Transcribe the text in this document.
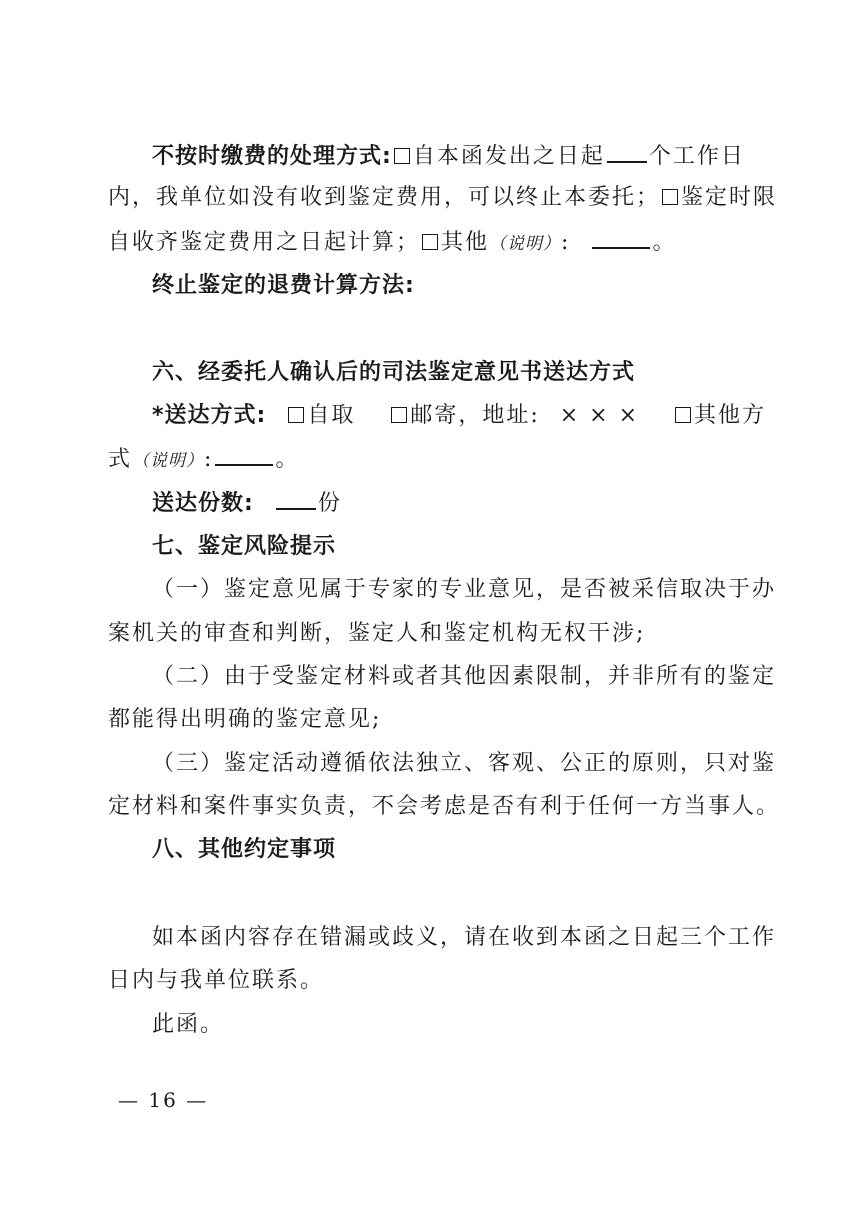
不按时缴费的处理方式: 自本函发出之日起 个工作日
内，我单位如没有收到鉴定费用，可以终止本委托； 鉴定时限
自收齐鉴定费用之日起计算； 其他（说明）:	。
终止鉴定的退费计算方法:
六、经委托人确认后的司法鉴定意见书送达方式
*送达方式: 自取	邮寄，地址: × × ×	其他方
式（说明）:	。
送达份数:	份
七、鉴定风险提示
（一）鉴定意见属于专家的专业意见，是否被采信取决于办
案机关的审查和判断，鉴定人和鉴定机构无权干涉;
（二）由于受鉴定材料或者其他因素限制，并非所有的鉴定
都能得出明确的鉴定意见;
（三）鉴定活动遵循依法独立、客观、公正的原则，只对鉴
定材料和案件事实负责，不会考虑是否有利于任何一方当事人。
八、其他约定事项
如本函内容存在错漏或歧义，请在收到本函之日起三个工作
日内与我单位联系。
此函。
— 16 —
